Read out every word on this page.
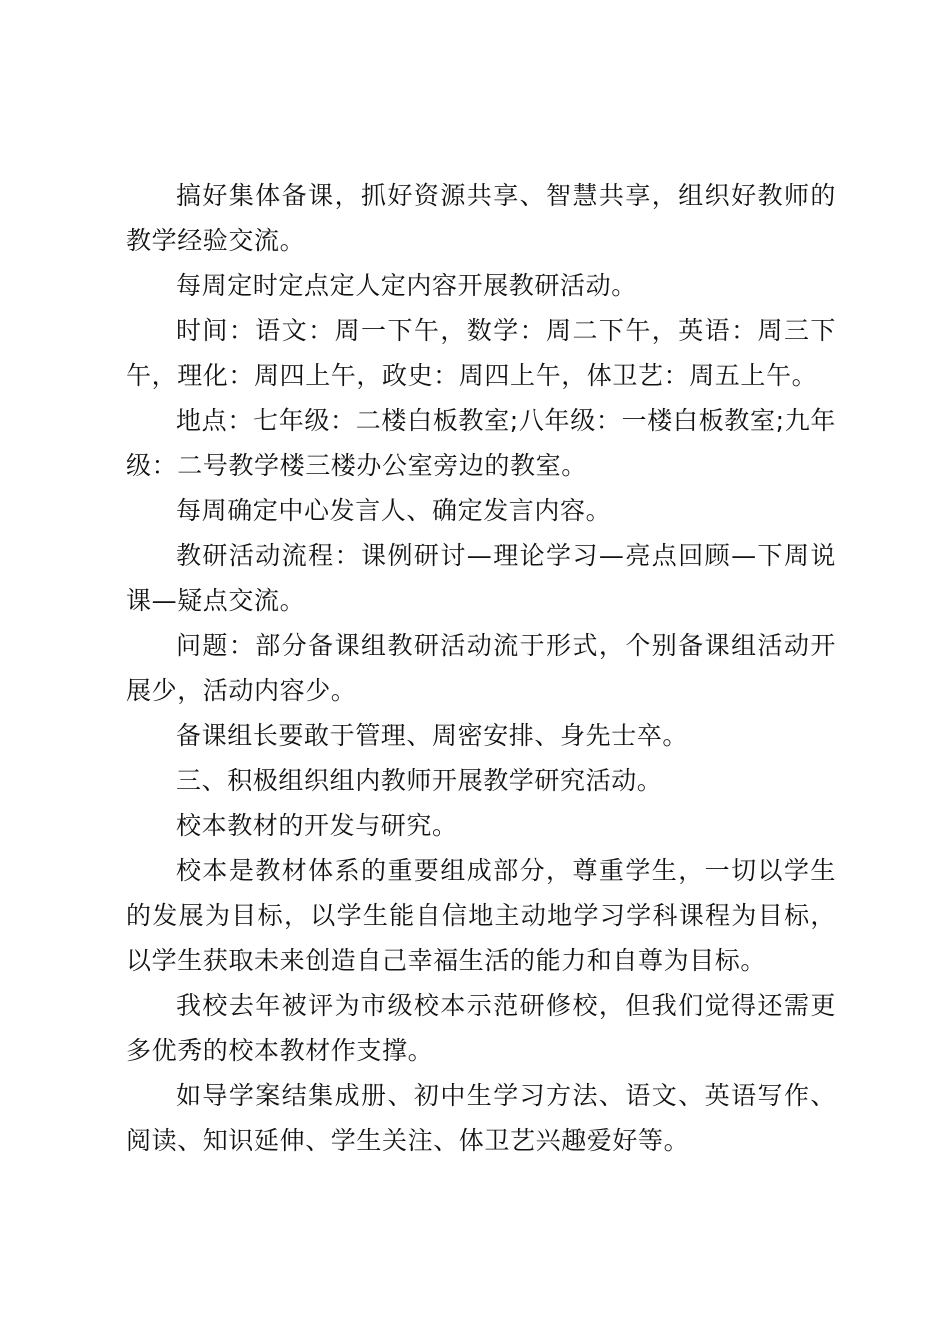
搞好集体备课，抓好资源共享、智慧共享，组织好教师的教学经验交流。

每周定时定点定人定内容开展教研活动。

时间：语文：周一下午，数学：周二下午，英语：周三下午，理化：周四上午，政史：周四上午，体卫艺：周五上午。

地点：七年级：二楼白板教室;八年级：一楼白板教室;九年级：二号教学楼三楼办公室旁边的教室。

每周确定中心发言人、确定发言内容。

教研活动流程：课例研讨—理论学习—亮点回顾—下周说课—疑点交流。

问题：部分备课组教研活动流于形式，个别备课组活动开展少，活动内容少。

备课组长要敢于管理、周密安排、身先士卒。

三、积极组织组内教师开展教学研究活动。

校本教材的开发与研究。

校本是教材体系的重要组成部分，尊重学生，一切以学生的发展为目标，以学生能自信地主动地学习学科课程为目标，以学生获取未来创造自己幸福生活的能力和自尊为目标。

我校去年被评为市级校本示范研修校，但我们觉得还需更多优秀的校本教材作支撑。

如导学案结集成册、初中生学习方法、语文、英语写作、阅读、知识延伸、学生关注、体卫艺兴趣爱好等。
